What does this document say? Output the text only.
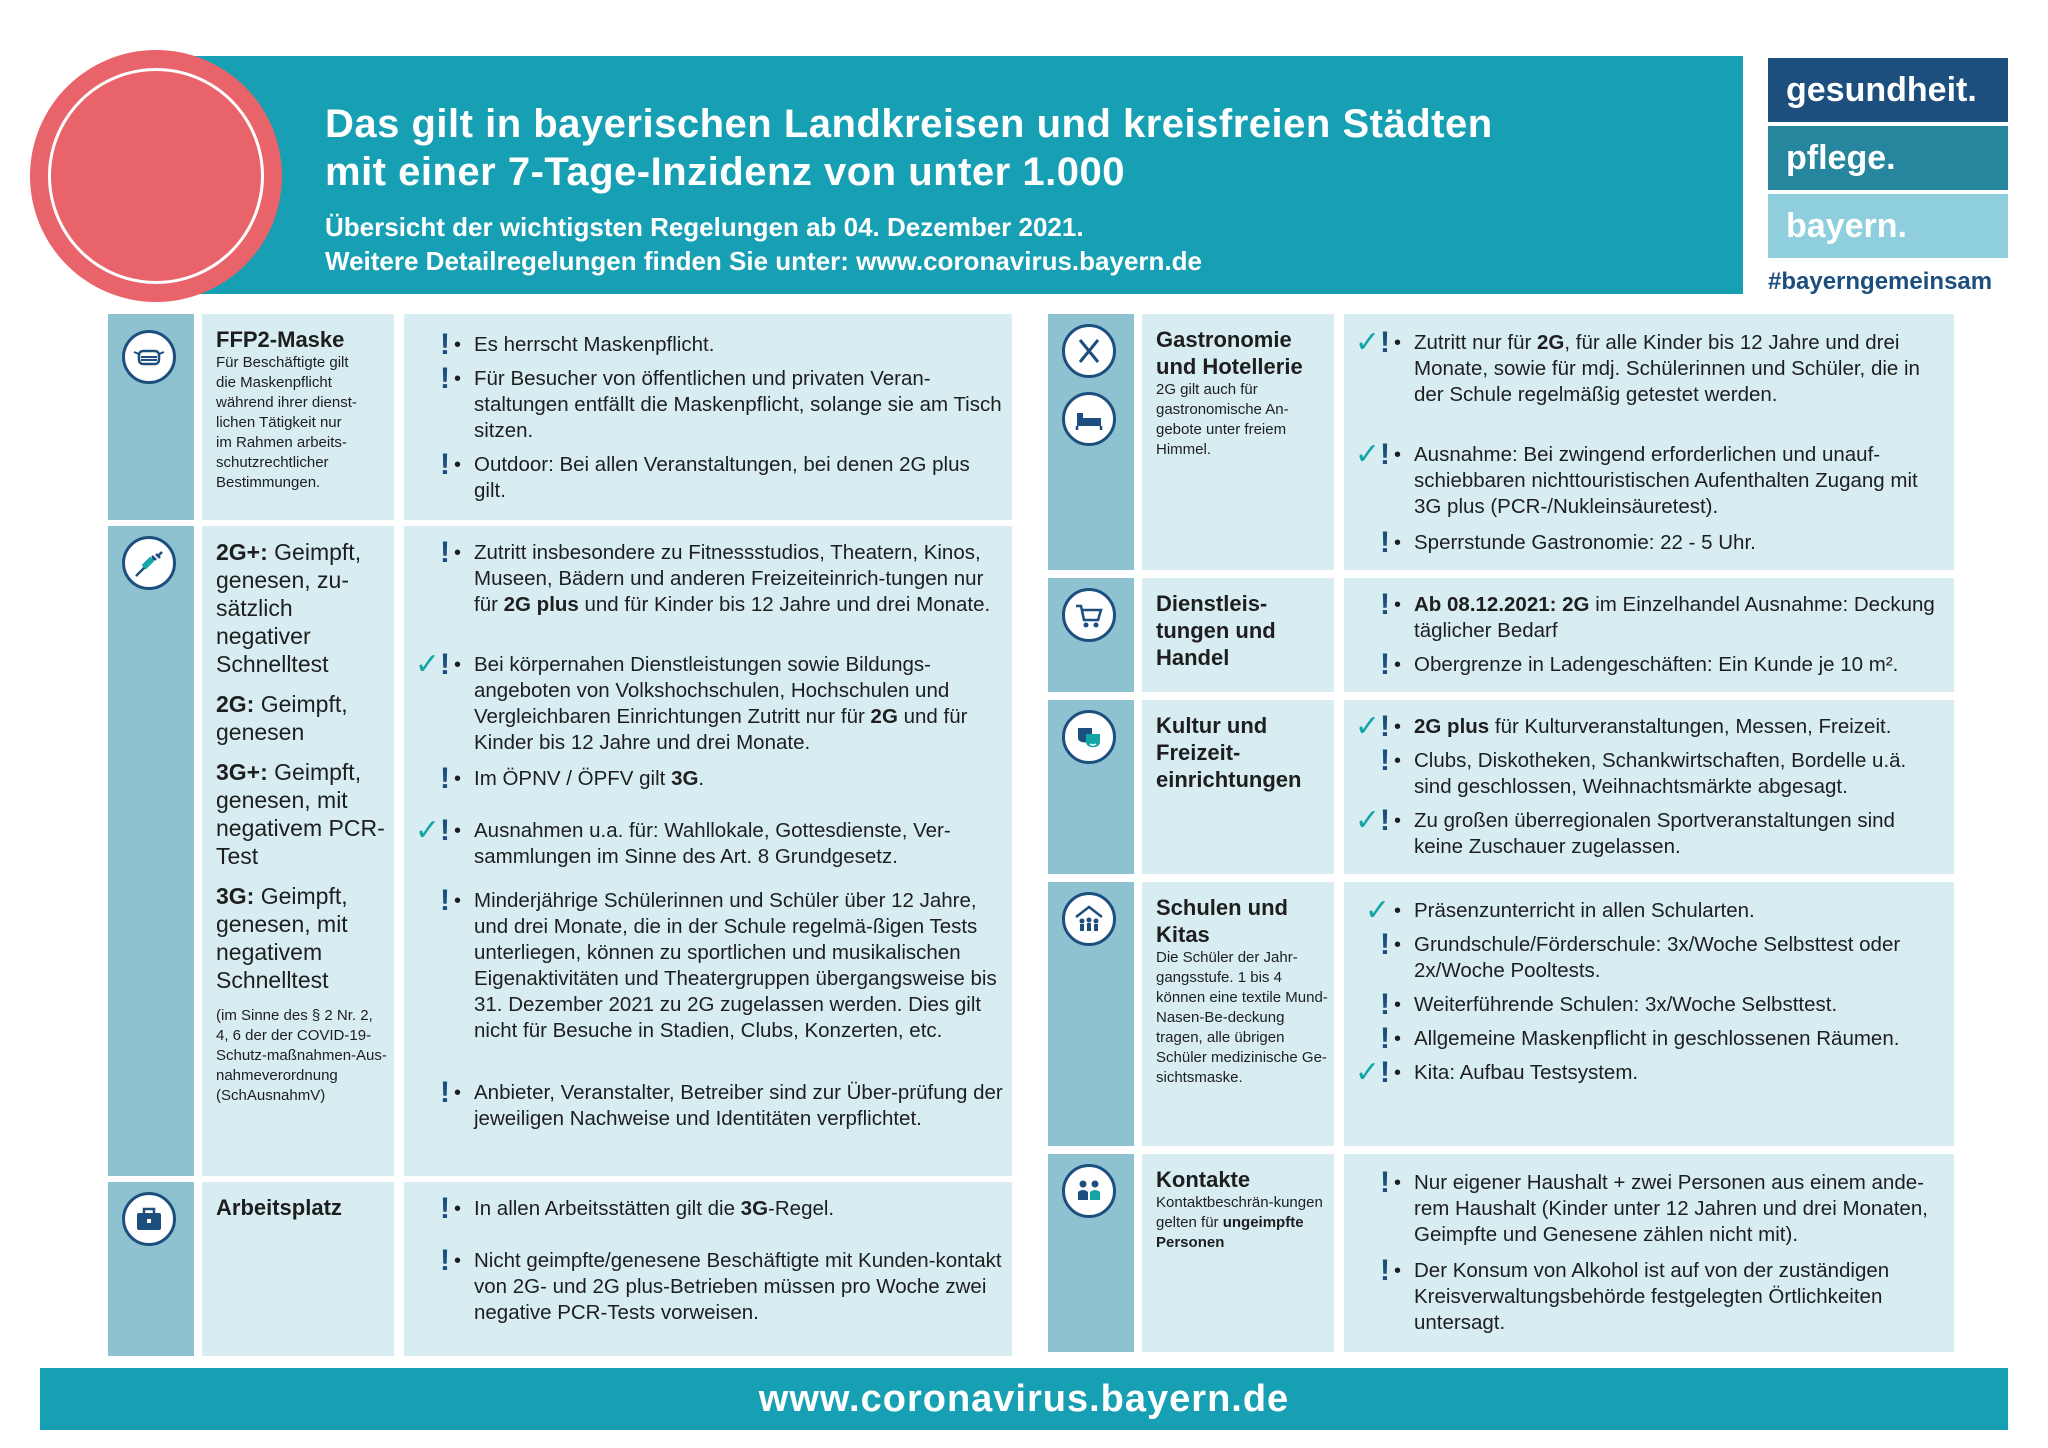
Das gilt in bayerischen Landkreisen und kreisfreien Städten
mit einer 7-Tage-Inzidenz von unter 1.000
Übersicht der wichtigsten Regelungen ab 04. Dezember 2021.
Weitere Detailregelungen finden Sie unter: www.coronavirus.bayern.de
gesundheit.
pflege.
bayern.
#bayerngemeinsam
FFP2-Maske
Für Beschäftigte gilt
die Maskenpflicht
während ihrer dienst-
lichen Tätigkeit nur
im Rahmen arbeits-
schutzrechtlicher
Bestimmungen.
! • Es herrscht Maskenpflicht.
! • Für Besucher von öffentlichen und privaten Veran-staltungen entfällt die Maskenpflicht, solange sie am Tisch sitzen.
! • Outdoor: Bei allen Veranstaltungen, bei denen 2G plus gilt.
2G+: Geimpft, genesen, zu-sätzlich negativer Schnelltest
2G: Geimpft, genesen
3G+: Geimpft, genesen, mit negativem PCR-Test
3G: Geimpft, genesen, mit negativem Schnelltest
(im Sinne des § 2 Nr. 2, 4, 6 der der COVID-19-Schutz-maßnahmen-Aus-nahmeverordnung (SchAusnahmV)
! • Zutritt insbesondere zu Fitnessstudios, Theatern, Kinos, Museen, Bädern und anderen Freizeiteinrich-tungen nur für 2G plus und für Kinder bis 12 Jahre und drei Monate.
✓! • Bei körpernahen Dienstleistungen sowie Bildungs-angeboten von Volkshochschulen, Hochschulen und Vergleichbaren Einrichtungen Zutritt nur für 2G und für Kinder bis 12 Jahre und drei Monate.
! • Im ÖPNV / ÖPFV gilt 3G.
✓! • Ausnahmen u.a. für: Wahllokale, Gottesdienste, Ver-sammlungen im Sinne des Art. 8 Grundgesetz.
! • Minderjährige Schülerinnen und Schüler über 12 Jahre, und drei Monate, die in der Schule regelmä-ßigen Tests unterliegen, können zu sportlichen und musikalischen Eigenaktivitäten und Theatergruppen übergangsweise bis 31. Dezember 2021 zu 2G zugelassen werden. Dies gilt nicht für Besuche in Stadien, Clubs, Konzerten, etc.
! • Anbieter, Veranstalter, Betreiber sind zur Über-prüfung der jeweiligen Nachweise und Identitäten verpflichtet.
Arbeitsplatz	! • In allen Arbeitsstätten gilt die 3G-Regel.
! • Nicht geimpfte/genesene Beschäftigte mit Kunden-kontakt von 2G- und 2G plus-Betrieben müssen pro Woche zwei negative PCR-Tests vorweisen.
Gastronomie und Hotellerie
2G gilt auch für gastronomische An-gebote unter freiem Himmel.
✓! • Zutritt nur für 2G, für alle Kinder bis 12 Jahre und drei Monate, sowie für mdj. Schülerinnen und Schüler, die in der Schule regelmäßig getestet werden.
✓! • Ausnahme: Bei zwingend erforderlichen und unauf-schiebbaren nichttouristischen Aufenthalten Zugang mit 3G plus (PCR-/Nukleinsäuretest).
! • Sperrstunde Gastronomie: 22 - 5 Uhr.
Dienstleis-tungen und Handel
! • Ab 08.12.2021: 2G im Einzelhandel Ausnahme: Deckung täglicher Bedarf
! • Obergrenze in Ladengeschäften: Ein Kunde je 10 m².
Kultur und Freizeit-einrichtungen
✓! • 2G plus für Kulturveranstaltungen, Messen, Freizeit.
! • Clubs, Diskotheken, Schankwirtschaften, Bordelle u.ä. sind geschlossen, Weihnachtsmärkte abgesagt.
✓! • Zu großen überregionalen Sportveranstaltungen sind keine Zuschauer zugelassen.
Schulen und Kitas
Die Schüler der Jahr-gangsstufe. 1 bis 4 können eine textile Mund-Nasen-Be-deckung tragen, alle übrigen Schüler medizinische Ge-sichtsmaske.
✓ • Präsenzunterricht in allen Schularten.
! • Grundschule/Förderschule: 3x/Woche Selbsttest oder 2x/Woche Pooltests.
! • Weiterführende Schulen: 3x/Woche Selbsttest.
! • Allgemeine Maskenpflicht in geschlossenen Räumen.
✓! • Kita: Aufbau Testsystem.
Kontakte
Kontaktbeschrän-kungen gelten für ungeimpfte Personen
! • Nur eigener Haushalt + zwei Personen aus einem ande-rem Haushalt (Kinder unter 12 Jahren und drei Monaten, Geimpfte und Genesene zählen nicht mit).
! • Der Konsum von Alkohol ist auf von der zuständigen Kreisverwaltungsbehörde festgelegten Örtlichkeiten untersagt.
www.coronavirus.bayern.de
